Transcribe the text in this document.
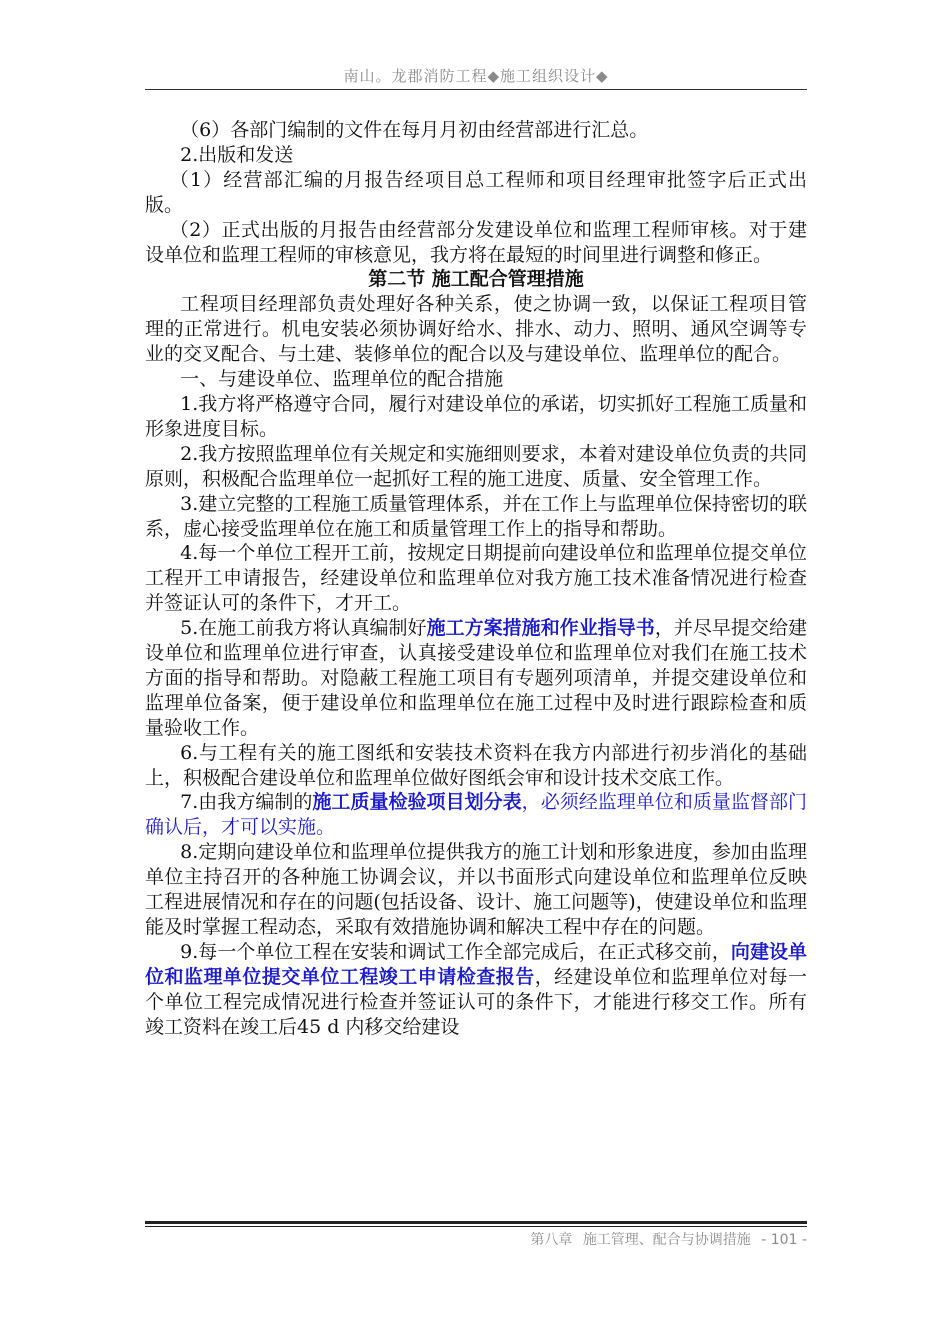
南山。龙郡消防工程◆施工组织设计◆

（6）各部门编制的文件在每月月初由经营部进行汇总。

2.出版和发送

（1）经营部汇编的月报告经项目总工程师和项目经理审批签字后正式出版。

（2）正式出版的月报告由经营部分发建设单位和监理工程师审核。对于建设单位和监理工程师的审核意见，我方将在最短的时间里进行调整和修正。

第二节 施工配合管理措施

工程项目经理部负责处理好各种关系，使之协调一致，以保证工程项目管理的正常进行。机电安装必须协调好给水、排水、动力、照明、通风空调等专业的交叉配合、与土建、装修单位的配合以及与建设单位、监理单位的配合。

一、与建设单位、监理单位的配合措施

1.我方将严格遵守合同，履行对建设单位的承诺，切实抓好工程施工质量和形象进度目标。

2.我方按照监理单位有关规定和实施细则要求，本着对建设单位负责的共同原则，积极配合监理单位一起抓好工程的施工进度、质量、安全管理工作。

3.建立完整的工程施工质量管理体系，并在工作上与监理单位保持密切的联系，虚心接受监理单位在施工和质量管理工作上的指导和帮助。

4.每一个单位工程开工前，按规定日期提前向建设单位和监理单位提交单位工程开工申请报告，经建设单位和监理单位对我方施工技术准备情况进行检查并签证认可的条件下，才开工。

5.在施工前我方将认真编制好施工方案措施和作业指导书，并尽早提交给建设单位和监理单位进行审查，认真接受建设单位和监理单位对我们在施工技术方面的指导和帮助。对隐蔽工程施工项目有专题列项清单，并提交建设单位和监理单位备案，便于建设单位和监理单位在施工过程中及时进行跟踪检查和质量验收工作。

6.与工程有关的施工图纸和安装技术资料在我方内部进行初步消化的基础上，积极配合建设单位和监理单位做好图纸会审和设计技术交底工作。

7.由我方编制的施工质量检验项目划分表，必须经监理单位和质量监督部门确认后，才可以实施。

8.定期向建设单位和监理单位提供我方的施工计划和形象进度，参加由监理单位主持召开的各种施工协调会议，并以书面形式向建设单位和监理单位反映工程进展情况和存在的问题(包括设备、设计、施工问题等)，使建设单位和监理能及时掌握工程动态，采取有效措施协调和解决工程中存在的问题。

9.每一个单位工程在安装和调试工作全部完成后，在正式移交前，向建设单位和监理单位提交单位工程竣工申请检查报告，经建设单位和监理单位对每一个单位工程完成情况进行检查并签证认可的条件下，才能进行移交工作。所有竣工资料在竣工后45 d 内移交给建设

第八章 施工管理、配合与协调措施 - 101 -
